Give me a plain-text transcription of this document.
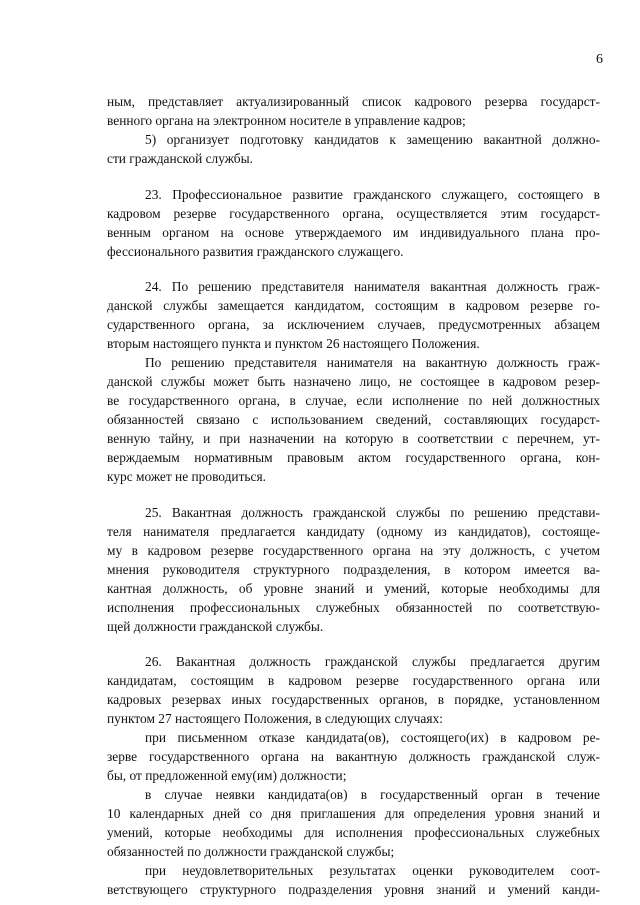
6
ным, представляет актуализированный список кадрового резерва государст-
венного органа на электронном носителе в управление кадров;
5) организует подготовку кандидатов к замещению вакантной должно-
сти гражданской службы.
23. Профессиональное развитие гражданского служащего, состоящего в
кадровом резерве государственного органа, осуществляется этим государст-
венным органом на основе утверждаемого им индивидуального плана про-
фессионального развития гражданского служащего.
24. По решению представителя нанимателя вакантная должность граж-
данской службы замещается кандидатом, состоящим в кадровом резерве го-
сударственного органа, за исключением случаев, предусмотренных абзацем
вторым настоящего пункта и пунктом 26 настоящего Положения.
По решению представителя нанимателя на вакантную должность граж-
данской службы может быть назначено лицо, не состоящее в кадровом резер-
ве государственного органа, в случае, если исполнение по ней должностных
обязанностей связано с использованием сведений, составляющих государст-
венную тайну, и при назначении на которую в соответствии с перечнем, ут-
верждаемым нормативным правовым актом государственного органа, кон-
курс может не проводиться.
25. Вакантная должность гражданской службы по решению представи-
теля нанимателя предлагается кандидату (одному из кандидатов), состояще-
му в кадровом резерве государственного органа на эту должность, с учетом
мнения руководителя структурного подразделения, в котором имеется ва-
кантная должность, об уровне знаний и умений, которые необходимы для
исполнения профессиональных служебных обязанностей по соответствую-
щей должности гражданской службы.
26. Вакантная должность гражданской службы предлагается другим
кандидатам, состоящим в кадровом резерве государственного органа или
кадровых резервах иных государственных органов, в порядке, установленном
пунктом 27 настоящего Положения, в следующих случаях:
при письменном отказе кандидата(ов), состоящего(их) в кадровом ре-
зерве государственного органа на вакантную должность гражданской служ-
бы, от предложенной ему(им) должности;
в случае неявки кандидата(ов) в государственный орган в течение
10 календарных дней со дня приглашения для определения уровня знаний и
умений, которые необходимы для исполнения профессиональных служебных
обязанностей по должности гражданской службы;
при неудовлетворительных результатах оценки руководителем соот-
ветствующего структурного подразделения уровня знаний и умений канди-
